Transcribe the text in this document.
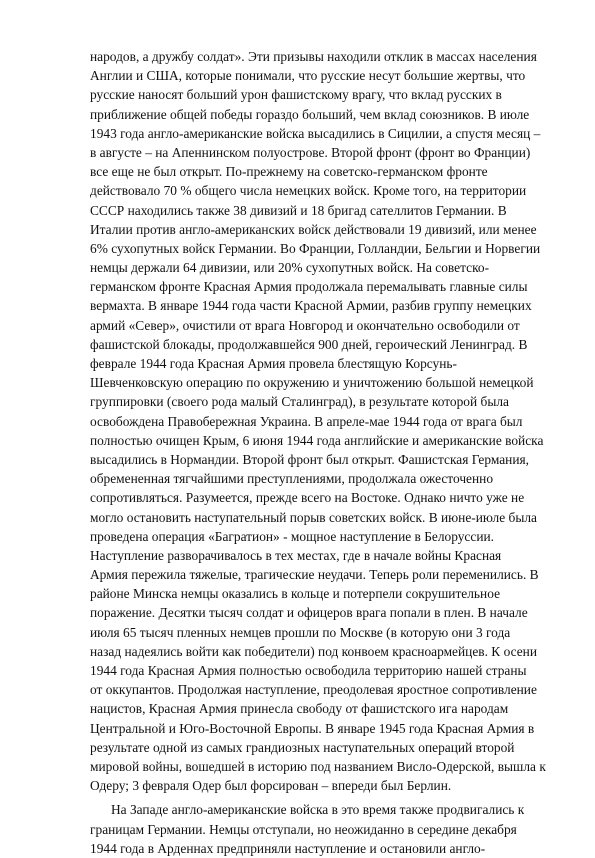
народов, а дружбу солдат». Эти призывы находили отклик в массах населения
Англии и США, которые понимали, что русские несут большие жертвы, что
русские наносят больший урон фашистскому врагу, что вклад русских в
приближение общей победы гораздо больший, чем вклад союзников. В июле
1943 года англо-американские войска высадились в Сицилии, а спустя месяц –
в августе – на Апеннинском полуострове. Второй фронт (фронт во Франции)
все еще не был открыт. По-прежнему на советско-германском фронте
действовало 70 % общего числа немецких войск. Кроме того, на территории
СССР находились также 38 дивизий и 18 бригад сателлитов Германии. В
Италии против англо-американских войск действовали 19 дивизий, или менее
6% сухопутных войск Германии. Во Франции, Голландии, Бельгии и Норвегии
немцы держали 64 дивизии, или 20% сухопутных войск. На советско-
германском фронте Красная Армия продолжала перемалывать главные силы
вермахта. В январе 1944 года части Красной Армии, разбив группу немецких
армий «Север», очистили от врага Новгород и окончательно освободили от
фашистской блокады, продолжавшейся 900 дней, героический Ленинград. В
феврале 1944 года Красная Армия провела блестящую Корсунь-
Шевченковскую операцию по окружению и уничтожению большой немецкой
группировки (своего рода малый Сталинград), в результате которой была
освобождена Правобережная Украина. В апреле-мае 1944 года от врага был
полностью очищен Крым, 6 июня 1944 года английские и американские войска
высадились в Нормандии. Второй фронт был открыт. Фашистская Германия,
обремененная тягчайшими преступлениями, продолжала ожесточенно
сопротивляться. Разумеется, прежде всего на Востоке. Однако ничто уже не
могло остановить наступательный порыв советских войск. В июне-июле была
проведена операция «Багратион» - мощное наступление в Белоруссии.
Наступление разворачивалось в тех местах, где в начале войны Красная
Армия пережила тяжелые, трагические неудачи. Теперь роли переменились. В
районе Минска немцы оказались в кольце и потерпели сокрушительное
поражение. Десятки тысяч солдат и офицеров врага попали в плен. В начале
июля 65 тысяч пленных немцев прошли по Москве (в которую они 3 года
назад надеялись войти как победители) под конвоем красноармейцев. К осени
1944 года Красная Армия полностью освободила территорию нашей страны
от оккупантов. Продолжая наступление, преодолевая яростное сопротивление
нацистов, Красная Армия принесла свободу от фашистского ига народам
Центральной и Юго-Восточной Европы. В январе 1945 года Красная Армия в
результате одной из самых грандиозных наступательных операций второй
мировой войны, вошедшей в историю под названием Висло-Одерской, вышла к
Одеру; 3 февраля Одер был форсирован – впереди был Берлин.
На Западе англо-американские войска в это время также продвигались к
границам Германии. Немцы отступали, но неожиданно в середине декабря
1944 года в Арденнах предприняли наступление и остановили англо-
